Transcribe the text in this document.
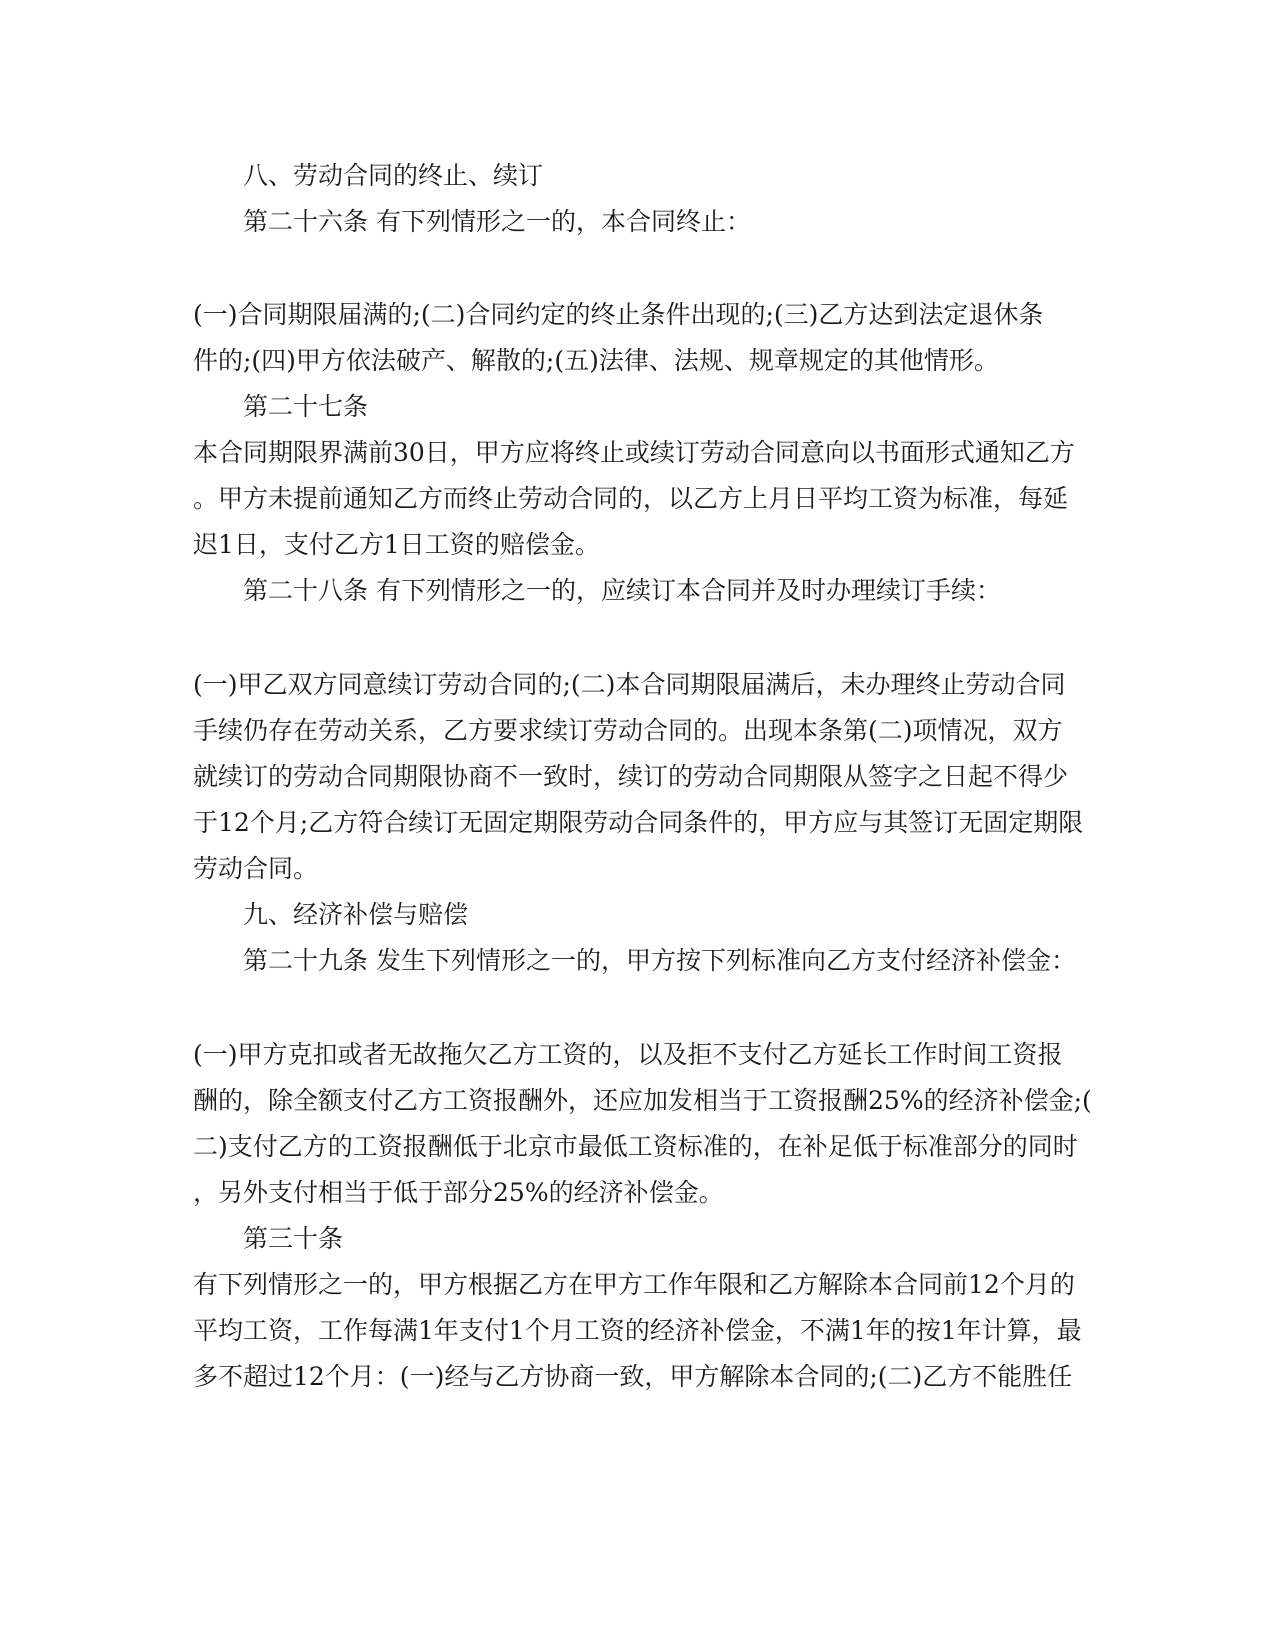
八、劳动合同的终止、续订
第二十六条 有下列情形之一的，本合同终止：
(一)合同期限届满的;(二)合同约定的终止条件出现的;(三)乙方达到法定退休条
件的;(四)甲方依法破产、解散的;(五)法律、法规、规章规定的其他情形。
第二十七条
本合同期限界满前30日，甲方应将终止或续订劳动合同意向以书面形式通知乙方
。甲方未提前通知乙方而终止劳动合同的，以乙方上月日平均工资为标准，每延
迟1日，支付乙方1日工资的赔偿金。
第二十八条 有下列情形之一的，应续订本合同并及时办理续订手续：
(一)甲乙双方同意续订劳动合同的;(二)本合同期限届满后，未办理终止劳动合同
手续仍存在劳动关系，乙方要求续订劳动合同的。出现本条第(二)项情况，双方
就续订的劳动合同期限协商不一致时，续订的劳动合同期限从签字之日起不得少
于12个月;乙方符合续订无固定期限劳动合同条件的，甲方应与其签订无固定期限
劳动合同。
九、经济补偿与赔偿
第二十九条 发生下列情形之一的，甲方按下列标准向乙方支付经济补偿金：
(一)甲方克扣或者无故拖欠乙方工资的，以及拒不支付乙方延长工作时间工资报
酬的，除全额支付乙方工资报酬外，还应加发相当于工资报酬25%的经济补偿金;(
二)支付乙方的工资报酬低于北京市最低工资标准的，在补足低于标准部分的同时
，另外支付相当于低于部分25%的经济补偿金。
第三十条
有下列情形之一的，甲方根据乙方在甲方工作年限和乙方解除本合同前12个月的
平均工资，工作每满1年支付1个月工资的经济补偿金，不满1年的按1年计算，最
多不超过12个月：(一)经与乙方协商一致，甲方解除本合同的;(二)乙方不能胜任
